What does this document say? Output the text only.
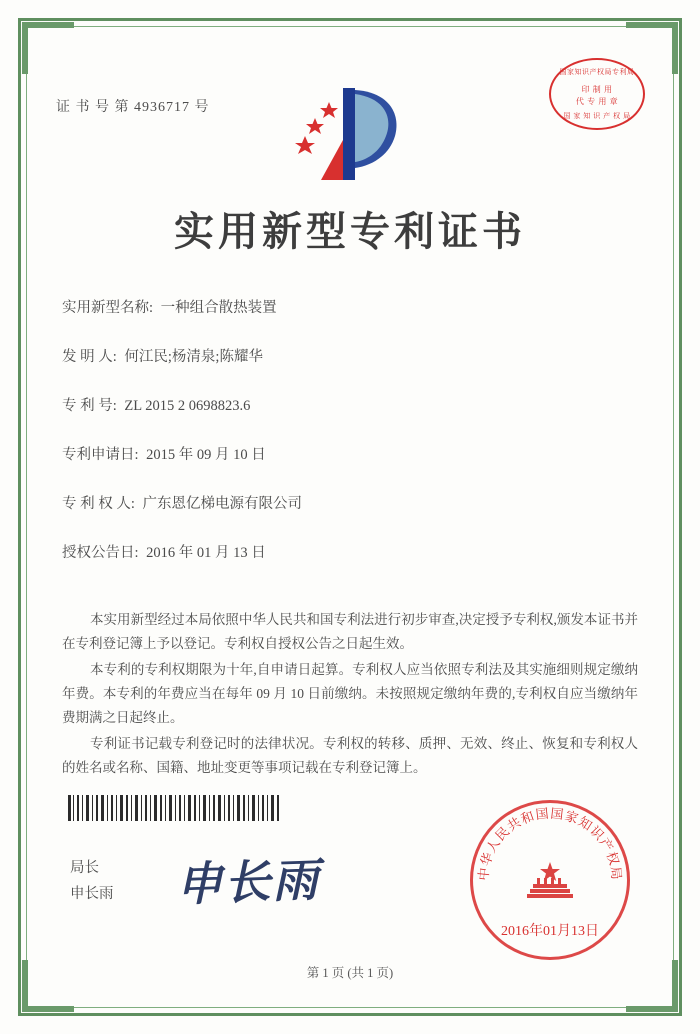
证 书 号 第 4936717 号
国家知识产权局专利局
印 制 用
代 专 用 章
国 家 知 识 产 权 局
实用新型专利证书
实用新型名称: 一种组合散热装置
发 明 人: 何江民;杨清泉;陈耀华
专 利 号: ZL 2015 2 0698823.6
专利申请日: 2015 年 09 月 10 日
专 利 权 人: 广东恩亿梯电源有限公司
授权公告日: 2016 年 01 月 13 日

本实用新型经过本局依照中华人民共和国专利法进行初步审查,决定授予专利权,颁发本证书并在专利登记簿上予以登记。专利权自授权公告之日起生效。

本专利的专利权期限为十年,自申请日起算。专利权人应当依照专利法及其实施细则规定缴纳年费。本专利的年费应当在每年 09 月 10 日前缴纳。未按照规定缴纳年费的,专利权自应当缴纳年费期满之日起终止。

专利证书记载专利登记时的法律状况。专利权的转移、质押、无效、终止、恢复和专利权人的姓名或名称、国籍、地址变更等事项记载在专利登记簿上。

局长
申长雨 申长雨	中华人民共和国国家知识产权局
2016年01月13日
第 1 页 (共 1 页)
